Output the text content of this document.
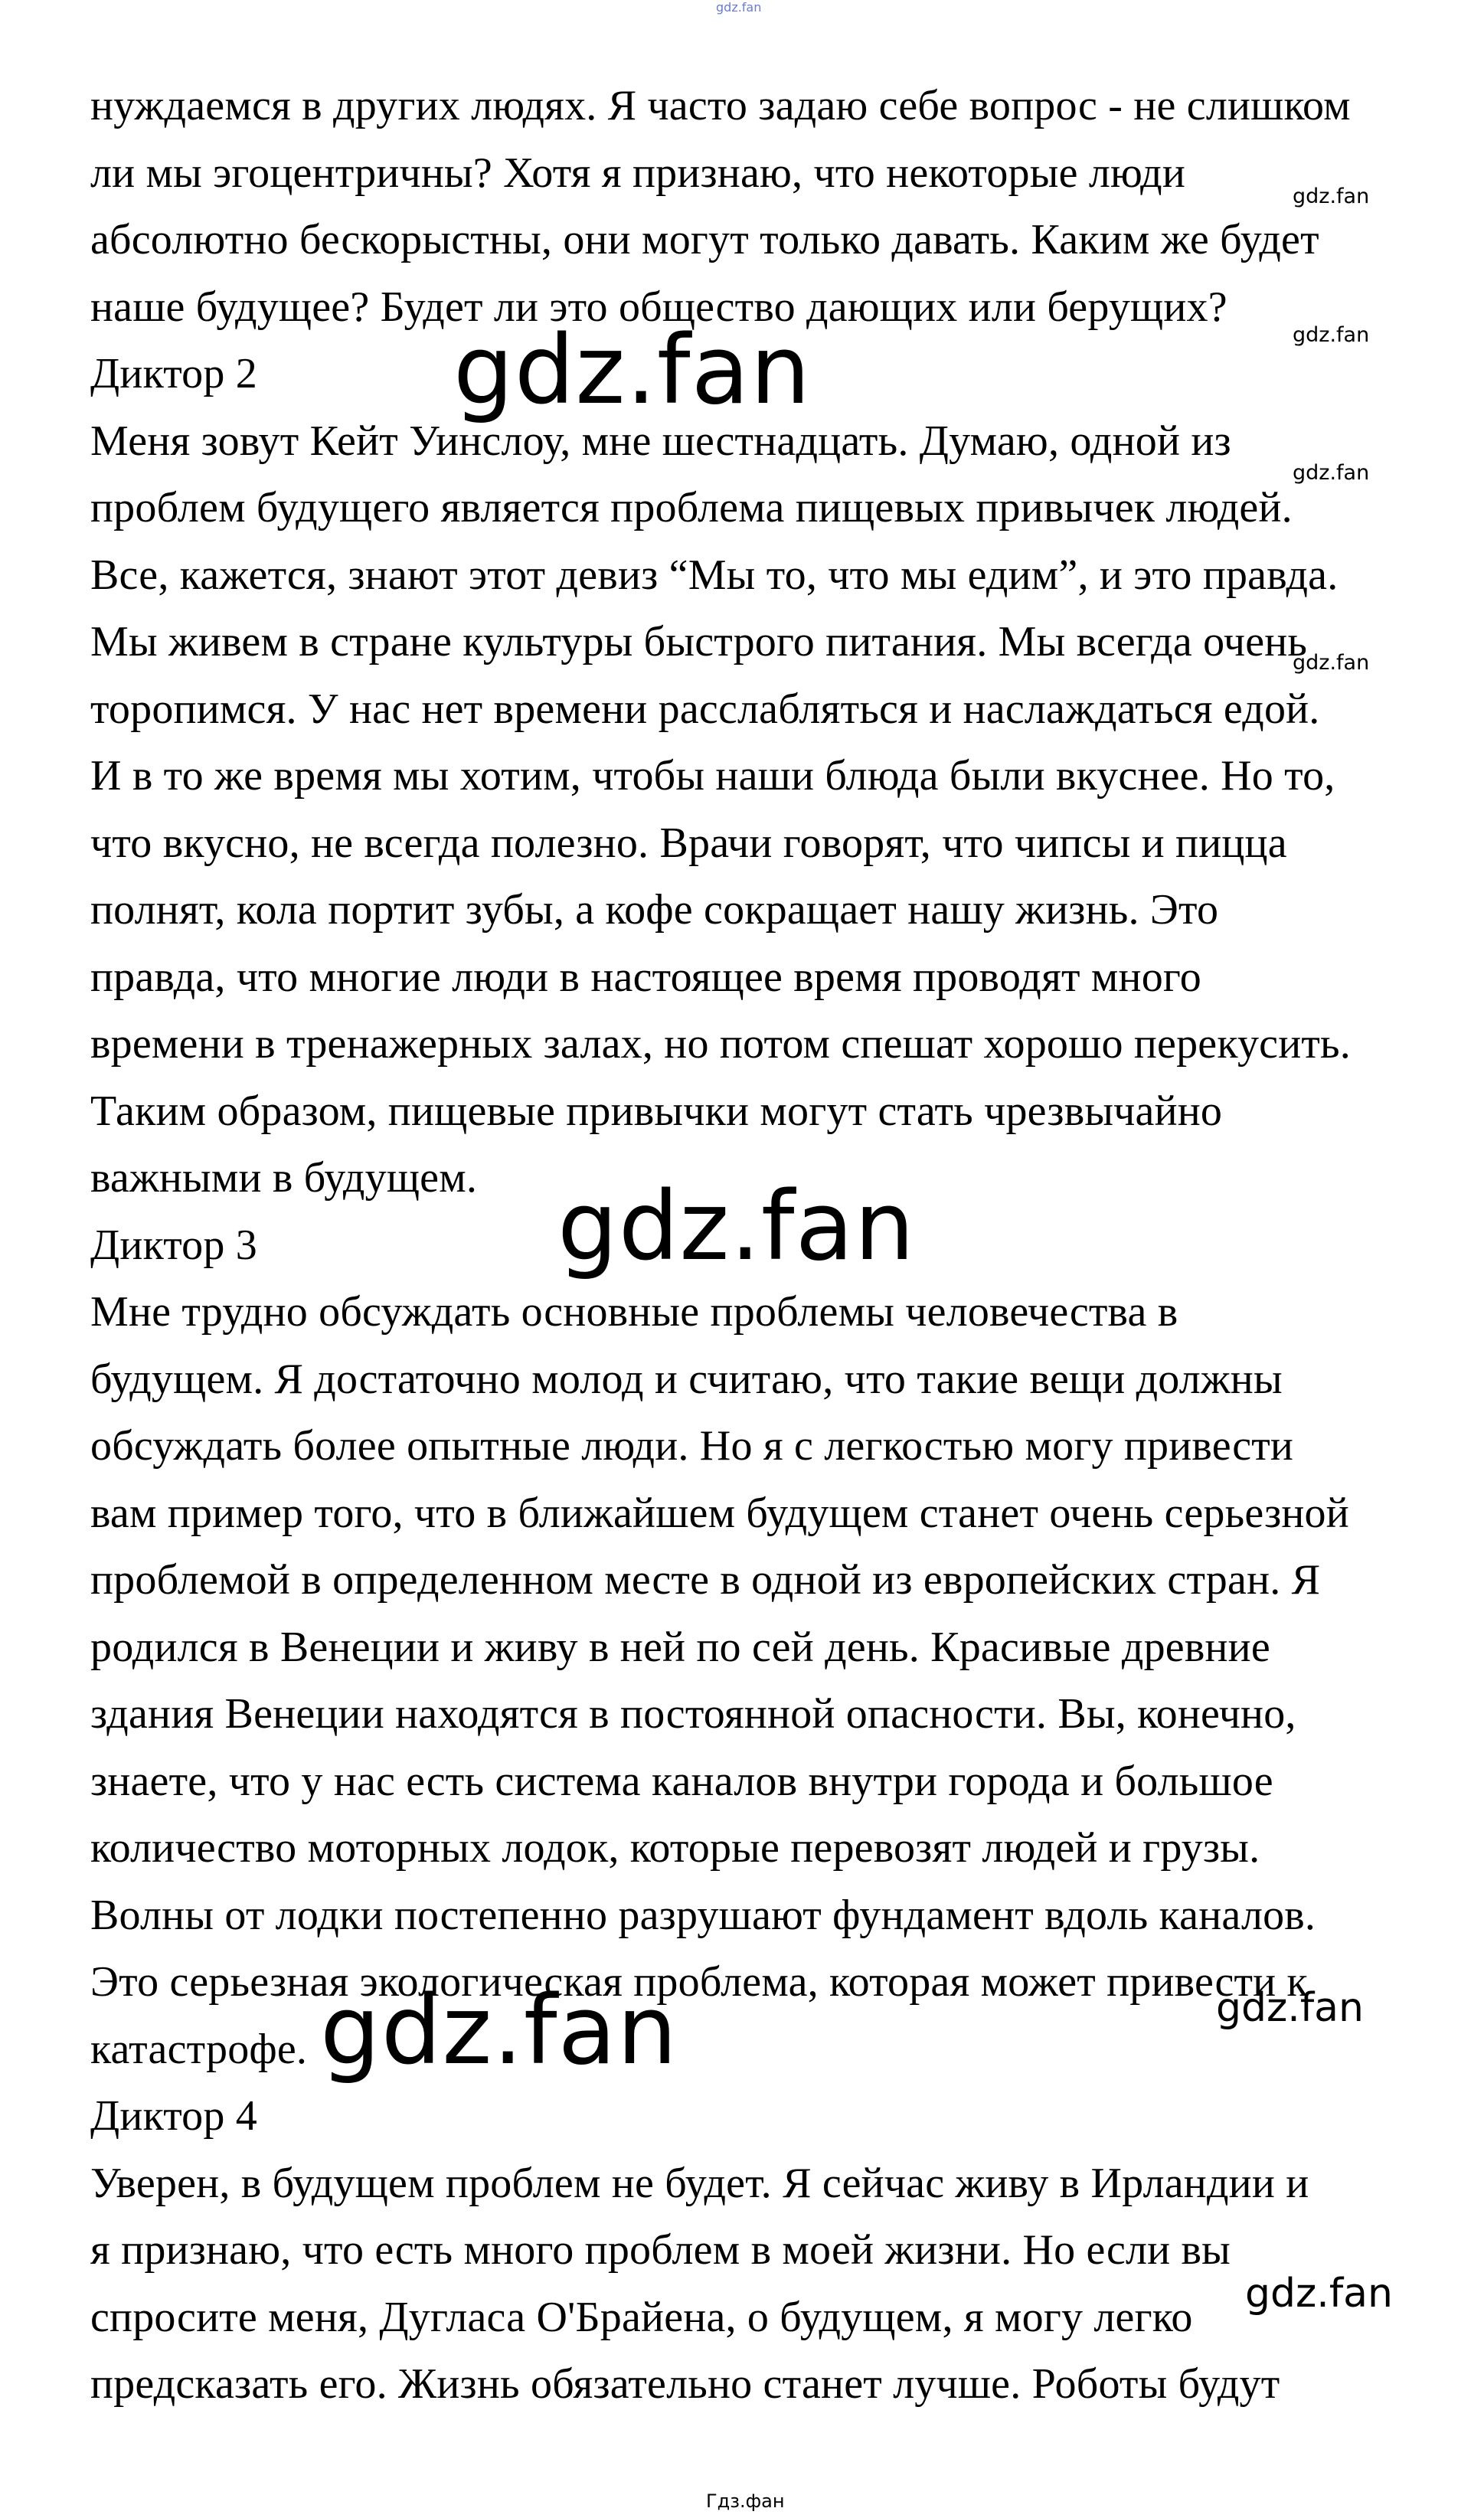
gdz.fan
нуждаемся в других людях. Я часто задаю себе вопрос - не слишком
ли мы эгоцентричны? Хотя я признаю, что некоторые люди
абсолютно бескорыстны, они могут только давать. Каким же будет
наше будущее? Будет ли это общество дающих или берущих?
Диктор 2
Меня зовут Кейт Уинслоу, мне шестнадцать. Думаю, одной из
проблем будущего является проблема пищевых привычек людей.
Все, кажется, знают этот девиз “Мы то, что мы едим”, и это правда.
Мы живем в стране культуры быстрого питания. Мы всегда очень
торопимся. У нас нет времени расслабляться и наслаждаться едой.
И в то же время мы хотим, чтобы наши блюда были вкуснее. Но то,
что вкусно, не всегда полезно. Врачи говорят, что чипсы и пицца
полнят, кола портит зубы, а кофе сокращает нашу жизнь. Это
правда, что многие люди в настоящее время проводят много
времени в тренажерных залах, но потом спешат хорошо перекусить.
Таким образом, пищевые привычки могут стать чрезвычайно
важными в будущем.
Диктор 3
Мне трудно обсуждать основные проблемы человечества в
будущем. Я достаточно молод и считаю, что такие вещи должны
обсуждать более опытные люди. Но я с легкостью могу привести
вам пример того, что в ближайшем будущем станет очень серьезной
проблемой в определенном месте в одной из европейских стран. Я
родился в Венеции и живу в ней по сей день. Красивые древние
здания Венеции находятся в постоянной опасности. Вы, конечно,
знаете, что у нас есть система каналов внутри города и большое
количество моторных лодок, которые перевозят людей и грузы.
Волны от лодки постепенно разрушают фундамент вдоль каналов.
Это серьезная экологическая проблема, которая может привести к
катастрофе.
Диктор 4
Уверен, в будущем проблем не будет. Я сейчас живу в Ирландии и
я признаю, что есть много проблем в моей жизни. Но если вы
спросите меня, Дугласа О'Брайена, о будущем, я могу легко
предсказать его. Жизнь обязательно станет лучше. Роботы будут
gdz.fan
gdz.fan
gdz.fan
gdz.fan
gdz.fan
gdz.fan
gdz.fan	gdz.fan
gdz.fan
Гдз.фан
